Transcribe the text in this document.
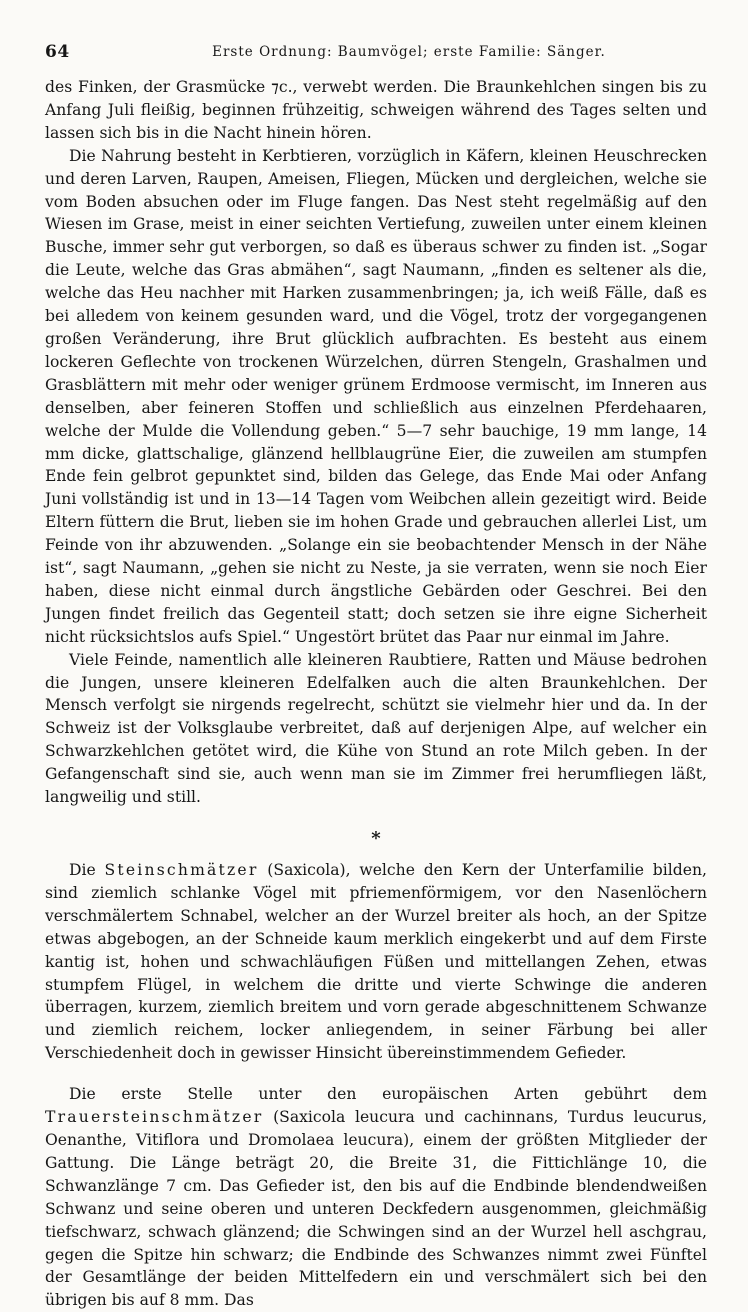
64	Erste Ordnung: Baumvögel; erste Familie: Sänger.

des Finken, der Grasmücke ⁊c., verwebt werden. Die Braunkehlchen singen bis zu Anfang Juli fleißig, beginnen frühzeitig, schweigen während des Tages selten und lassen sich bis in die Nacht hinein hören.

Die Nahrung besteht in Kerbtieren, vorzüglich in Käfern, kleinen Heuschrecken und deren Larven, Raupen, Ameisen, Fliegen, Mücken und dergleichen, welche sie vom Boden absuchen oder im Fluge fangen. Das Nest steht regelmäßig auf den Wiesen im Grase, meist in einer seichten Vertiefung, zuweilen unter einem kleinen Busche, immer sehr gut verborgen, so daß es überaus schwer zu finden ist. „Sogar die Leute, welche das Gras abmähen“, sagt Naumann, „finden es seltener als die, welche das Heu nachher mit Harken zusammenbringen; ja, ich weiß Fälle, daß es bei alledem von keinem gesunden ward, und die Vögel, trotz der vorgegangenen großen Veränderung, ihre Brut glücklich aufbrachten. Es besteht aus einem lockeren Geflechte von trockenen Würzelchen, dürren Stengeln, Grashalmen und Grasblättern mit mehr oder weniger grünem Erdmoose vermischt, im Inneren aus denselben, aber feineren Stoffen und schließlich aus einzelnen Pferdehaaren, welche der Mulde die Vollendung geben.“ 5—7 sehr bauchige, 19 mm lange, 14 mm dicke, glattschalige, glänzend hellblaugrüne Eier, die zuweilen am stumpfen Ende fein gelbrot gepunktet sind, bilden das Gelege, das Ende Mai oder Anfang Juni vollständig ist und in 13—14 Tagen vom Weibchen allein gezeitigt wird. Beide Eltern füttern die Brut, lieben sie im hohen Grade und gebrauchen allerlei List, um Feinde von ihr abzuwenden. „Solange ein sie beobachtender Mensch in der Nähe ist“, sagt Naumann, „gehen sie nicht zu Neste, ja sie verraten, wenn sie noch Eier haben, diese nicht einmal durch ängstliche Gebärden oder Geschrei. Bei den Jungen findet freilich das Gegenteil statt; doch setzen sie ihre eigne Sicherheit nicht rücksichtslos aufs Spiel.“ Ungestört brütet das Paar nur einmal im Jahre.

Viele Feinde, namentlich alle kleineren Raubtiere, Ratten und Mäuse bedrohen die Jungen, unsere kleineren Edelfalken auch die alten Braunkehlchen. Der Mensch verfolgt sie nirgends regelrecht, schützt sie vielmehr hier und da. In der Schweiz ist der Volksglaube verbreitet, daß auf derjenigen Alpe, auf welcher ein Schwarzkehlchen getötet wird, die Kühe von Stund an rote Milch geben. In der Gefangenschaft sind sie, auch wenn man sie im Zimmer frei herumfliegen läßt, langweilig und still.

*

Die Steinschmätzer (Saxicola), welche den Kern der Unterfamilie bilden, sind ziemlich schlanke Vögel mit pfriemenförmigem, vor den Nasenlöchern verschmälertem Schnabel, welcher an der Wurzel breiter als hoch, an der Spitze etwas abgebogen, an der Schneide kaum merklich eingekerbt und auf dem Firste kantig ist, hohen und schwachläufigen Füßen und mittellangen Zehen, etwas stumpfem Flügel, in welchem die dritte und vierte Schwinge die anderen überragen, kurzem, ziemlich breitem und vorn gerade abgeschnittenem Schwanze und ziemlich reichem, locker anliegendem, in seiner Färbung bei aller Verschiedenheit doch in gewisser Hinsicht übereinstimmendem Gefieder.

Die erste Stelle unter den europäischen Arten gebührt dem Trauersteinschmätzer (Saxicola leucura und cachinnans, Turdus leucurus, Oenanthe, Vitiflora und Dromolaea leucura), einem der größten Mitglieder der Gattung. Die Länge beträgt 20, die Breite 31, die Fittichlänge 10, die Schwanzlänge 7 cm. Das Gefieder ist, den bis auf die Endbinde blendendweißen Schwanz und seine oberen und unteren Deckfedern ausgenommen, gleichmäßig tiefschwarz, schwach glänzend; die Schwingen sind an der Wurzel hell aschgrau, gegen die Spitze hin schwarz; die Endbinde des Schwanzes nimmt zwei Fünftel der Gesamtlänge der beiden Mittelfedern ein und verschmälert sich bei den übrigen bis auf 8 mm. Das
